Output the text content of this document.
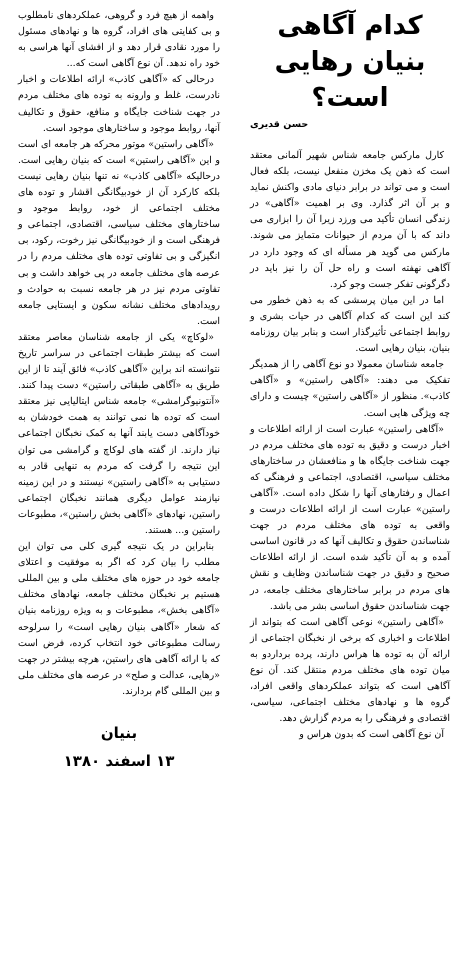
کدام آگاهی
بنیان رهایی
است؟
حسن قدیری

کارل مارکس جامعه شناس شهیر آلمانی معتقد است که ذهن یک مخزن منفعل نیست، بلکه فعال است و می تواند در برابر دنیای مادی واکنش نماید و بر آن اثر گذارد. وی بر اهمیت «آگاهی» در زندگی انسان تأکید می ورزد زیرا آن را ابزاری می داند که با آن مردم از حیوانات متمایز می شوند. مارکس می گوید هر مسأله ای که وجود دارد در آگاهی نهفته است و راه حل آن را نیز باید در دگرگونی تفکر جست وجو کرد.

اما در این میان پرسشی که به ذهن خطور می کند این است که کدام آگاهی در حیات بشری و روابط اجتماعی تأثیرگذار است و بنابر بیان روزنامه بنیان، بنیان رهایی است.

جامعه شناسان معمولا دو نوع آگاهی را از همدیگر تفکیک می دهند: «آگاهی راستین» و «آگاهی کاذب». منظور از «آگاهی راستین» چیست و دارای چه ویژگی هایی است.

«آگاهی راستین» عبارت است از ارائه اطلاعات و اخبار درست و دقیق به توده های مختلف مردم در جهت شناخت جایگاه ها و منافعشان در ساختارهای مختلف سیاسی، اقتصادی، اجتماعی و فرهنگی که اعمال و رفتارهای آنها را شکل داده است. «آگاهی راستین» عبارت است از ارائه اطلاعات درست و واقعی به توده های مختلف مردم در جهت شناساندن حقوق و تکالیف آنها که در قانون اساسی آمده و به آن تأکید شده است. از ارائه اطلاعات صحیح و دقیق در جهت شناساندن وظایف و نقش های مردم در برابر ساختارهای مختلف جامعه، در جهت شناساندن حقوق اساسی بشر می باشد.

«آگاهی راستین» نوعی آگاهی است که بتواند از اطلاعات و اخباری که برخی از نخبگان اجتماعی از ارائه آن به توده ها هراس دارند، پرده برداردو به میان توده های مختلف مردم منتقل کند. آن نوع آگاهی است که بتواند عملکردهای واقعی افراد، گروه ها و نهادهای مختلف اجتماعی، سیاسی، اقتصادی و فرهنگی را به مردم گزارش دهد.

آن نوع آگاهی است که بدون هراس و

واهمه از هیچ فرد و گروهی، عملکردهای نامطلوب و بی کفایتی های افراد، گروه ها و نهادهای مسئول را مورد نقادی قرار دهد و از افشای آنها هراسی به خود راه ندهد. آن نوع آگاهی است که...

درحالی که «آگاهی کاذب» ارائه اطلاعات و اخبار نادرست، غلط و وارونه به توده های مختلف مردم در جهت شناخت جایگاه و منافع، حقوق و تکالیف آنها، روابط موجود و ساختارهای موجود است.

«آگاهی راستین» موتور محرکه هر جامعه ای است و این «آگاهی راستین» است که بنیان رهایی است. درحالیکه «آگاهی کاذب» نه تنها بنیان رهایی نیست بلکه کارکرد آن از خودبیگانگی اقشار و توده های مختلف اجتماعی از خود، روابط موجود و ساختارهای مختلف سیاسی، اقتصادی، اجتماعی و فرهنگی است و از خودبیگانگی نیز رخوت، رکود، بی انگیزگی و بی تفاوتی توده های مختلف مردم را در عرصه های مختلف جامعه در پی خواهد داشت و بی تفاوتی مردم نیز در هر جامعه نسبت به حوادث و رویدادهای مختلف نشانه سکون و ایستایی جامعه است.

«لوکاچ» یکی از جامعه شناسان معاصر معتقد است که بیشتر طبقات اجتماعی در سراسر تاریخ نتوانسته اند براین «آگاهی کاذب» فائق آیند تا از این طریق به «آگاهی طبقاتی راستین» دست پیدا کنند. «آنتونیوگرامشی» جامعه شناس ایتالیایی نیز معتقد است که توده ها نمی توانند به همت خودشان به خودآگاهی دست یابند آنها به کمک نخبگان اجتماعی نیاز دارند. از گفته های لوکاچ و گرامشی می توان این نتیجه را گرفت که مردم به تنهایی قادر به دستیابی به «آگاهی راستین» نیستند و در این زمینه نیازمند عوامل دیگری همانند نخبگان اجتماعی راستین، نهادهای «آگاهی بخش راستین»، مطبوعات راستین و... هستند.

بنابراین در یک نتیجه گیری کلی می توان این مطلب را بیان کرد که اگر به موفقیت و اعتلای جامعه خود در حوزه های مختلف ملی و بین المللی هستیم بر نخبگان مختلف جامعه، نهادهای مختلف «آگاهی بخش»، مطبوعات و به ویژه روزنامه بنیان که شعار «آگاهی بنیان رهایی است» را سرلوحه رسالت مطبوعاتی خود انتخاب کرده، فرض است که با ارائه آگاهی های راستین، هرچه بیشتر در جهت «رهایی، عدالت و صلح» در عرصه های مختلف ملی و بین المللی گام بردارند.

بنیان
۱۳ اسفند ۱۳۸۰
